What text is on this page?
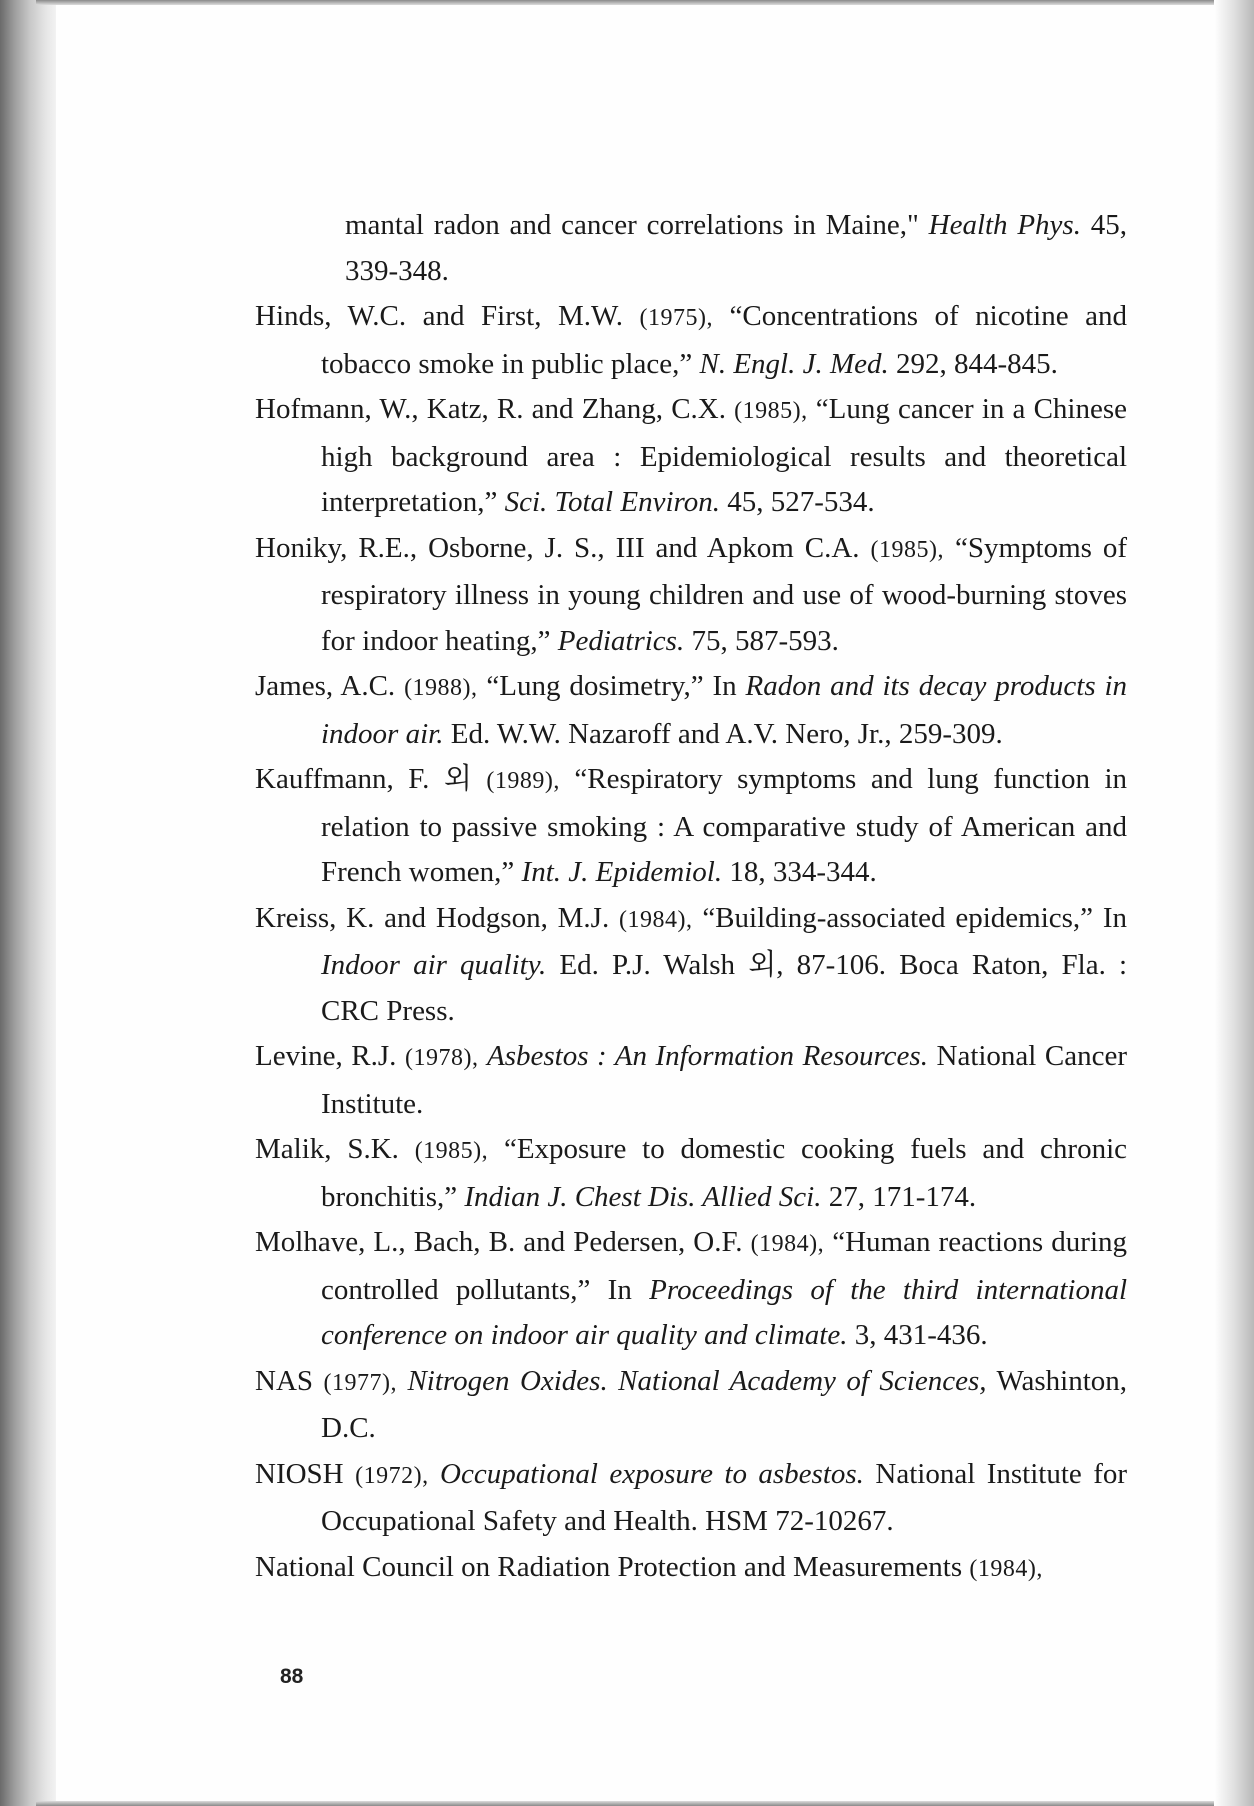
mantal radon and cancer correlations in Maine," Health Phys. 45, 339-348.

Hinds, W.C. and First, M.W. (1975), “Concentrations of nicotine and tobacco smoke in public place,” N. Engl. J. Med. 292, 844-845.

Hofmann, W., Katz, R. and Zhang, C.X. (1985), “Lung cancer in a Chinese high background area : Epidemiological results and theoretical interpretation,” Sci. Total Environ. 45, 527-534.

Honiky, R.E., Osborne, J. S., III and Apkom C.A. (1985), “Symptoms of respiratory illness in young children and use of wood-burning stoves for indoor heating,” Pediatrics. 75, 587-593.

James, A.C. (1988), “Lung dosimetry,” In Radon and its decay products in indoor air. Ed. W.W. Nazaroff and A.V. Nero, Jr., 259-309.

Kauffmann, F. 외 (1989), “Respiratory symptoms and lung function in relation to passive smoking : A comparative study of American and French women,” Int. J. Epidemiol. 18, 334-344.

Kreiss, K. and Hodgson, M.J. (1984), “Building-associated epidemics,” In Indoor air quality. Ed. P.J. Walsh 외, 87-106. Boca Raton, Fla. : CRC Press.

Levine, R.J. (1978), Asbestos : An Information Resources. National Cancer Institute.

Malik, S.K. (1985), “Exposure to domestic cooking fuels and chronic bronchitis,” Indian J. Chest Dis. Allied Sci. 27, 171-174.

Molhave, L., Bach, B. and Pedersen, O.F. (1984), “Human reactions during controlled pollutants,” In Proceedings of the third international conference on indoor air quality and climate. 3, 431-436.

NAS (1977), Nitrogen Oxides. National Academy of Sciences, Washinton, D.C.

NIOSH (1972), Occupational exposure to asbestos. National Institute for Occupational Safety and Health. HSM 72-10267.

National Council on Radiation Protection and Measurements (1984),

88
